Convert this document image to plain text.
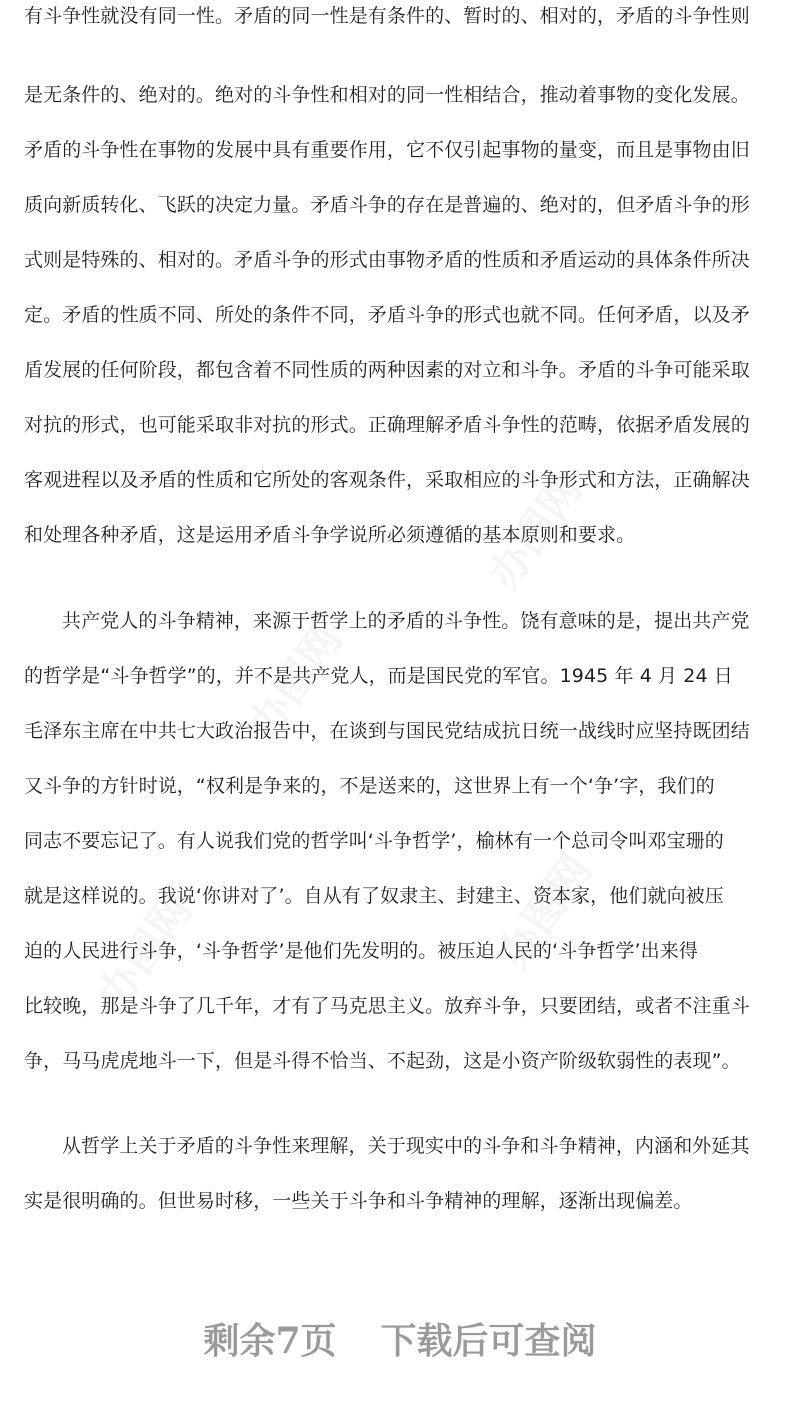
办图网
办图网
办图网
办图网
有斗争性就没有同一性。矛盾的同一性是有条件的、暂时的、相对的，矛盾的斗争性则
是无条件的、绝对的。绝对的斗争性和相对的同一性相结合，推动着事物的变化发展。
矛盾的斗争性在事物的发展中具有重要作用，它不仅引起事物的量变，而且是事物由旧
质向新质转化、飞跃的决定力量。矛盾斗争的存在是普遍的、绝对的，但矛盾斗争的形
式则是特殊的、相对的。矛盾斗争的形式由事物矛盾的性质和矛盾运动的具体条件所决
定。矛盾的性质不同、所处的条件不同，矛盾斗争的形式也就不同。任何矛盾，以及矛
盾发展的任何阶段，都包含着不同性质的两种因素的对立和斗争。矛盾的斗争可能采取
对抗的形式，也可能采取非对抗的形式。正确理解矛盾斗争性的范畴，依据矛盾发展的
客观进程以及矛盾的性质和它所处的客观条件，采取相应的斗争形式和方法，正确解决
和处理各种矛盾，这是运用矛盾斗争学说所必须遵循的基本原则和要求。
共产党人的斗争精神，来源于哲学上的矛盾的斗争性。饶有意味的是，提出共产党
的哲学是“斗争哲学”的，并不是共产党人，而是国民党的军官。1945 年 4 月 24 日
毛泽东主席在中共七大政治报告中，在谈到与国民党结成抗日统一战线时应坚持既团结
又斗争的方针时说，“权利是争来的，不是送来的，这世界上有一个‘争’字，我们的
同志不要忘记了。有人说我们党的哲学叫‘斗争哲学’，榆林有一个总司令叫邓宝珊的
就是这样说的。我说‘你讲对了’。自从有了奴隶主、封建主、资本家，他们就向被压
迫的人民进行斗争，‘斗争哲学’是他们先发明的。被压迫人民的‘斗争哲学’出来得
比较晚，那是斗争了几千年，才有了马克思主义。放弃斗争，只要团结，或者不注重斗
争，马马虎虎地斗一下，但是斗得不恰当、不起劲，这是小资产阶级软弱性的表现”。
从哲学上关于矛盾的斗争性来理解，关于现实中的斗争和斗争精神，内涵和外延其
实是很明确的。但世易时移，一些关于斗争和斗争精神的理解，逐渐出现偏差。
剩余7页 下载后可查阅
